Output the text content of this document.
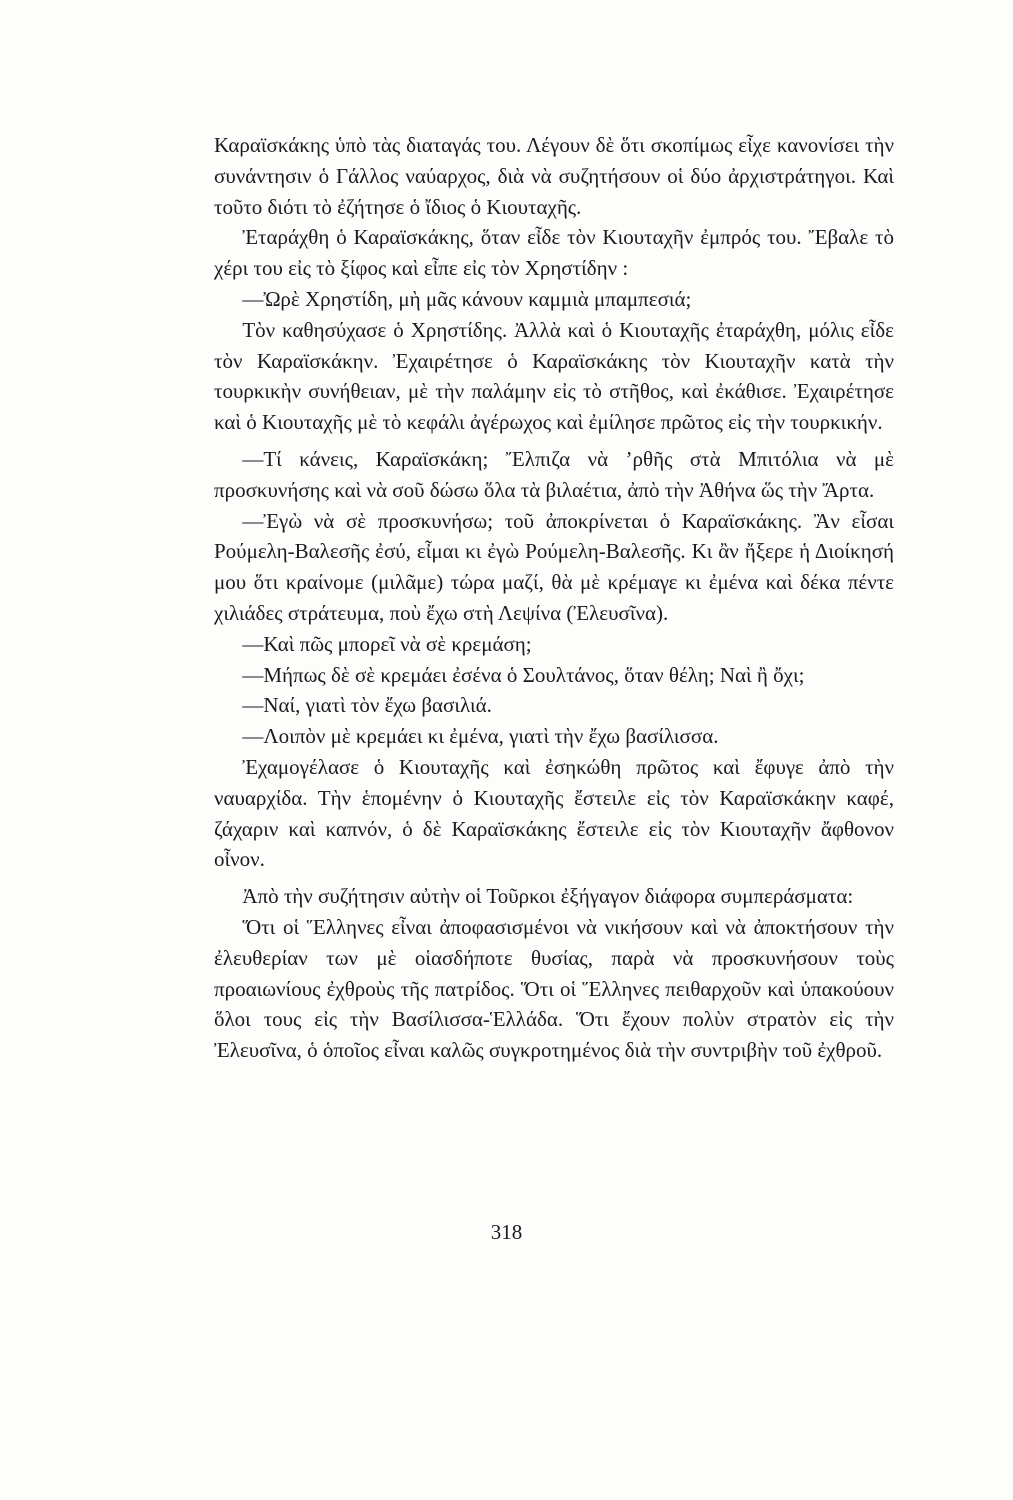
Καραϊσκάκης ὑπὸ τὰς διαταγάς του. Λέγουν δὲ ὅτι σκοπίμως εἶχε κανονίσει τὴν συνάντησιν ὁ Γάλλος ναύαρχος, διὰ νὰ συζητήσουν οἱ δύο ἀρχιστράτηγοι. Καὶ τοῦτο διότι τὸ ἐζήτησε ὁ ἴδιος ὁ Κιουταχῆς.

Ἐταράχθη ὁ Καραϊσκάκης, ὅταν εἶδε τὸν Κιουταχῆν ἐμπρός του. Ἔβαλε τὸ χέρι του εἰς τὸ ξίφος καὶ εἶπε εἰς τὸν Χρηστίδην :

—Ὠρὲ Χρηστίδη, μὴ μᾶς κάνουν καμμιὰ μπαμπεσιά;

Τὸν καθησύχασε ὁ Χρηστίδης. Ἀλλὰ καὶ ὁ Κιουταχῆς ἐταράχθη, μόλις εἶδε τὸν Καραϊσκάκην. Ἐχαιρέτησε ὁ Καραϊσκάκης τὸν Κιουταχῆν κατὰ τὴν τουρκικὴν συνήθειαν, μὲ τὴν παλάμην εἰς τὸ στῆθος, καὶ ἐκάθισε. Ἐχαιρέτησε καὶ ὁ Κιουταχῆς μὲ τὸ κεφάλι ἀγέρωχος καὶ ἐμίλησε πρῶτος εἰς τὴν τουρκικήν.

—Τί κάνεις, Καραϊσκάκη; Ἔλπιζα νὰ ’ρθῆς στὰ Μπιτόλια νὰ μὲ προσκυνήσης καὶ νὰ σοῦ δώσω ὅλα τὰ βιλαέτια, ἀπὸ τὴν Ἀθήνα ὥς τὴν Ἄρτα.

—Ἐγὼ νὰ σὲ προσκυνήσω; τοῦ ἀποκρίνεται ὁ Καραϊσκάκης. Ἂν εἶσαι Ρούμελη-Βαλεσῆς ἐσύ, εἶμαι κι ἐγὼ Ρούμελη-Βαλεσῆς. Κι ἂν ἤξερε ἡ Διοίκησή μου ὅτι κραίνομε (μιλᾶμε) τώρα μαζί, θὰ μὲ κρέμαγε κι ἐμένα καὶ δέκα πέντε χιλιάδες στράτευμα, ποὺ ἔχω στὴ Λεψίνα (Ἐλευσῖνα).

—Καὶ πῶς μπορεῖ νὰ σὲ κρεμάση;

—Μήπως δὲ σὲ κρεμάει ἐσένα ὁ Σουλτάνος, ὅταν θέλη; Ναὶ ἢ ὄχι;

—Ναί, γιατὶ τὸν ἔχω βασιλιά.

—Λοιπὸν μὲ κρεμάει κι ἐμένα, γιατὶ τὴν ἔχω βασίλισσα.

Ἐχαμογέλασε ὁ Κιουταχῆς καὶ ἐσηκώθη πρῶτος καὶ ἔφυγε ἀπὸ τὴν ναυαρχίδα. Τὴν ἑπομένην ὁ Κιουταχῆς ἔστειλε εἰς τὸν Καραϊσκάκην καφέ, ζάχαριν καὶ καπνόν, ὁ δὲ Καραϊσκάκης ἔστειλε εἰς τὸν Κιουταχῆν ἄφθονον οἶνον.

Ἀπὸ τὴν συζήτησιν αὐτὴν οἱ Τοῦρκοι ἐξήγαγον διάφορα συμπεράσματα:

Ὅτι οἱ Ἕλληνες εἶναι ἀποφασισμένοι νὰ νικήσουν καὶ νὰ ἀποκτήσουν τὴν ἐλευθερίαν των μὲ οἱασδήποτε θυσίας, παρὰ νὰ προσκυνήσουν τοὺς προαιωνίους ἐχθροὺς τῆς πατρίδος. Ὅτι οἱ Ἕλληνες πειθαρχοῦν καὶ ὑπακούουν ὅλοι τους εἰς τὴν Βασίλισσα-Ἑλλάδα. Ὅτι ἔχουν πολὺν στρατὸν εἰς τὴν Ἐλευσῖνα, ὁ ὁποῖος εἶναι καλῶς συγκροτημένος διὰ τὴν συντριβὴν τοῦ ἐχθροῦ.

318
